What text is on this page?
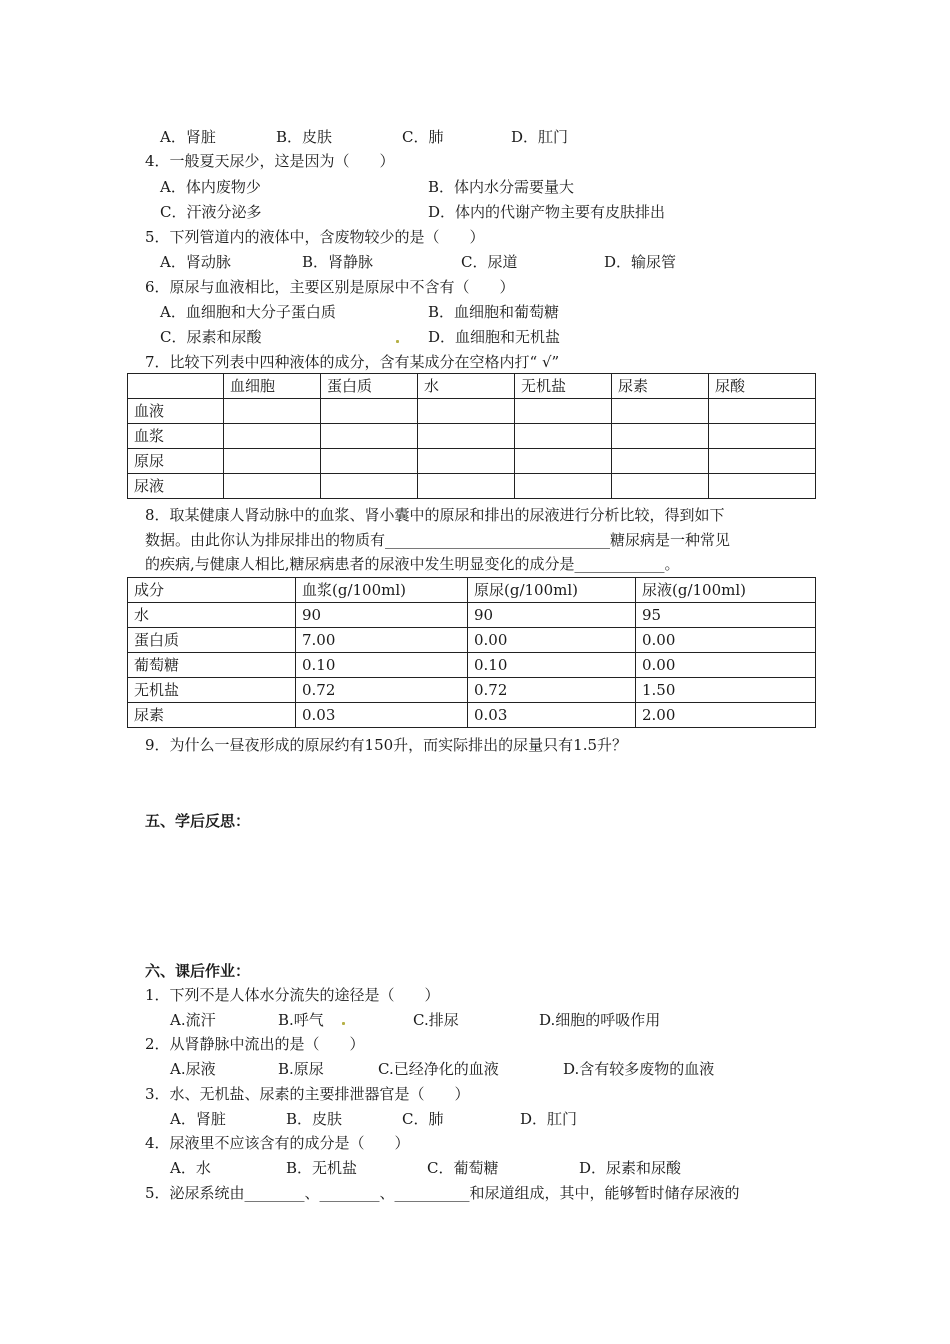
A．肾脏	B．皮肤	C．肺	D．肛门
4．一般夏天尿少，这是因为（　　）
A．体内废物少	B．体内水分需要量大
C．汗液分泌多	D．体内的代谢产物主要有皮肤排出
5．下列管道内的液体中，含废物较少的是（　　）
A．肾动脉	B．肾静脉	C．尿道	D．输尿管
6．原尿与血液相比，主要区别是原尿中不含有（　　）
A．血细胞和大分子蛋白质	B．血细胞和葡萄糖
C．尿素和尿酸	D．血细胞和无机盐
7．比较下列表中四种液体的成分，含有某成分在空格内打“ √”
	血细胞	蛋白质	水	无机盐	尿素	尿酸
血液						
血浆						
原尿						
尿液						
8．取某健康人肾动脉中的血浆、肾小囊中的原尿和排出的尿液进行分析比较，得到如下
数据。由此你认为排尿排出的物质有______________________________糖尿病是一种常见
的疾病,与健康人相比,糖尿病患者的尿液中发生明显变化的成分是____________。
成分	血浆(g/100ml)	原尿(g/100ml)	尿液(g/100ml)
水	90	90	95
蛋白质	7.00	0.00	0.00
葡萄糖	0.10	0.10	0.00
无机盐	0.72	0.72	1.50
尿素	0.03	0.03	2.00
9．为什么一昼夜形成的原尿约有150升，而实际排出的尿量只有1.5升？
五、学后反思：
六、课后作业：
1．下列不是人体水分流失的途径是（　　）
A.流汗	B.呼气	C.排尿	D.细胞的呼吸作用
2．从肾静脉中流出的是（　　）
A.尿液	B.原尿	C.已经净化的血液	D.含有较多废物的血液
3．水、无机盐、尿素的主要排泄器官是（　　）
A．肾脏	B．皮肤	C．肺	D．肛门
4．尿液里不应该含有的成分是（　　）
A．水	B．无机盐	C．葡萄糖	D．尿素和尿酸
5．泌尿系统由________、________、__________和尿道组成，其中，能够暂时储存尿液的
